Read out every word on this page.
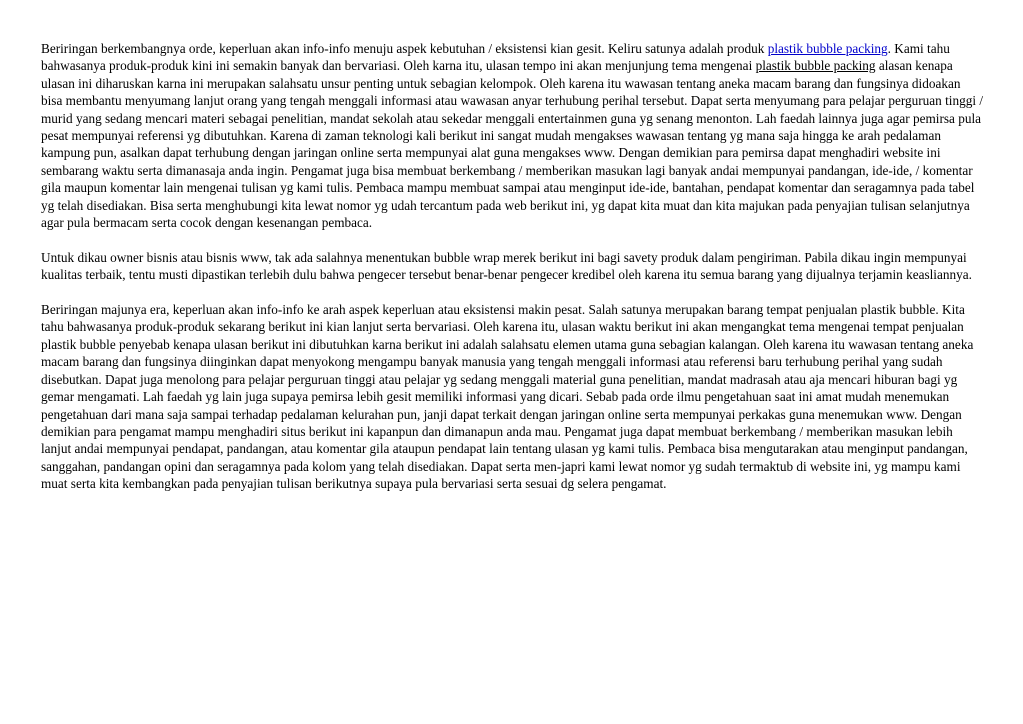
Beriringan berkembangnya orde, keperluan akan info-info menuju aspek kebutuhan / eksistensi kian gesit. Keliru satunya adalah produk plastik bubble packing. Kami tahu bahwasanya produk-produk kini ini semakin banyak dan bervariasi. Oleh karna itu, ulasan tempo ini akan menjunjung tema mengenai plastik bubble packing alasan kenapa ulasan ini diharuskan karna ini merupakan salahsatu unsur penting untuk sebagian kelompok. Oleh karena itu wawasan tentang aneka macam barang dan fungsinya didoakan bisa membantu menyumang lanjut orang yang tengah menggali informasi atau wawasan anyar terhubung perihal tersebut. Dapat serta menyumang para pelajar perguruan tinggi / murid yang sedang mencari materi sebagai penelitian, mandat sekolah atau sekedar menggali entertainmen guna yg senang menonton. Lah faedah lainnya juga agar pemirsa pula pesat mempunyai referensi yg dibutuhkan. Karena di zaman teknologi kali berikut ini sangat mudah mengakses wawasan tentang yg mana saja hingga ke arah pedalaman kampung pun, asalkan dapat terhubung dengan jaringan online serta mempunyai alat guna mengakses www. Dengan demikian para pemirsa dapat menghadiri website ini sembarang waktu serta dimanasaja anda ingin. Pengamat juga bisa membuat berkembang / memberikan masukan lagi banyak andai mempunyai pandangan, ide-ide, / komentar gila maupun komentar lain mengenai tulisan yg kami tulis. Pembaca mampu membuat sampai atau menginput ide-ide, bantahan, pendapat komentar dan seragamnya pada tabel yg telah disediakan. Bisa serta menghubungi kita lewat nomor yg udah tercantum pada web berikut ini, yg dapat kita muat dan kita majukan pada penyajian tulisan selanjutnya agar pula bermacam serta cocok dengan kesenangan pembaca.

Untuk dikau owner bisnis atau bisnis www, tak ada salahnya menentukan bubble wrap merek berikut ini bagi savety produk dalam pengiriman. Pabila dikau ingin mempunyai kualitas terbaik, tentu musti dipastikan terlebih dulu bahwa pengecer tersebut benar-benar pengecer kredibel oleh karena itu semua barang yang dijualnya terjamin keasliannya.

Beriringan majunya era, keperluan akan info-info ke arah aspek keperluan atau eksistensi makin pesat. Salah satunya merupakan barang tempat penjualan plastik bubble. Kita tahu bahwasanya produk-produk sekarang berikut ini kian lanjut serta bervariasi. Oleh karena itu, ulasan waktu berikut ini akan mengangkat tema mengenai tempat penjualan plastik bubble penyebab kenapa ulasan berikut ini dibutuhkan karna berikut ini adalah salahsatu elemen utama guna sebagian kalangan. Oleh karena itu wawasan tentang aneka macam barang dan fungsinya diinginkan dapat menyokong mengampu banyak manusia yang tengah menggali informasi atau referensi baru terhubung perihal yang sudah disebutkan. Dapat juga menolong para pelajar perguruan tinggi atau pelajar yg sedang menggali material guna penelitian, mandat madrasah atau aja mencari hiburan bagi yg gemar mengamati. Lah faedah yg lain juga supaya pemirsa lebih gesit memiliki informasi yang dicari. Sebab pada orde ilmu pengetahuan saat ini amat mudah menemukan pengetahuan dari mana saja sampai terhadap pedalaman kelurahan pun, janji dapat terkait dengan jaringan online serta mempunyai perkakas guna menemukan www. Dengan demikian para pengamat mampu menghadiri situs berikut ini kapanpun dan dimanapun anda mau. Pengamat juga dapat membuat berkembang / memberikan masukan lebih lanjut andai mempunyai pendapat, pandangan, atau komentar gila ataupun pendapat lain tentang ulasan yg kami tulis. Pembaca bisa mengutarakan atau menginput pandangan, sanggahan, pandangan opini dan seragamnya pada kolom yang telah disediakan. Dapat serta men-japri kami lewat nomor yg sudah termaktub di website ini, yg mampu kami muat serta kita kembangkan pada penyajian tulisan berikutnya supaya pula bervariasi serta sesuai dg selera pengamat.
